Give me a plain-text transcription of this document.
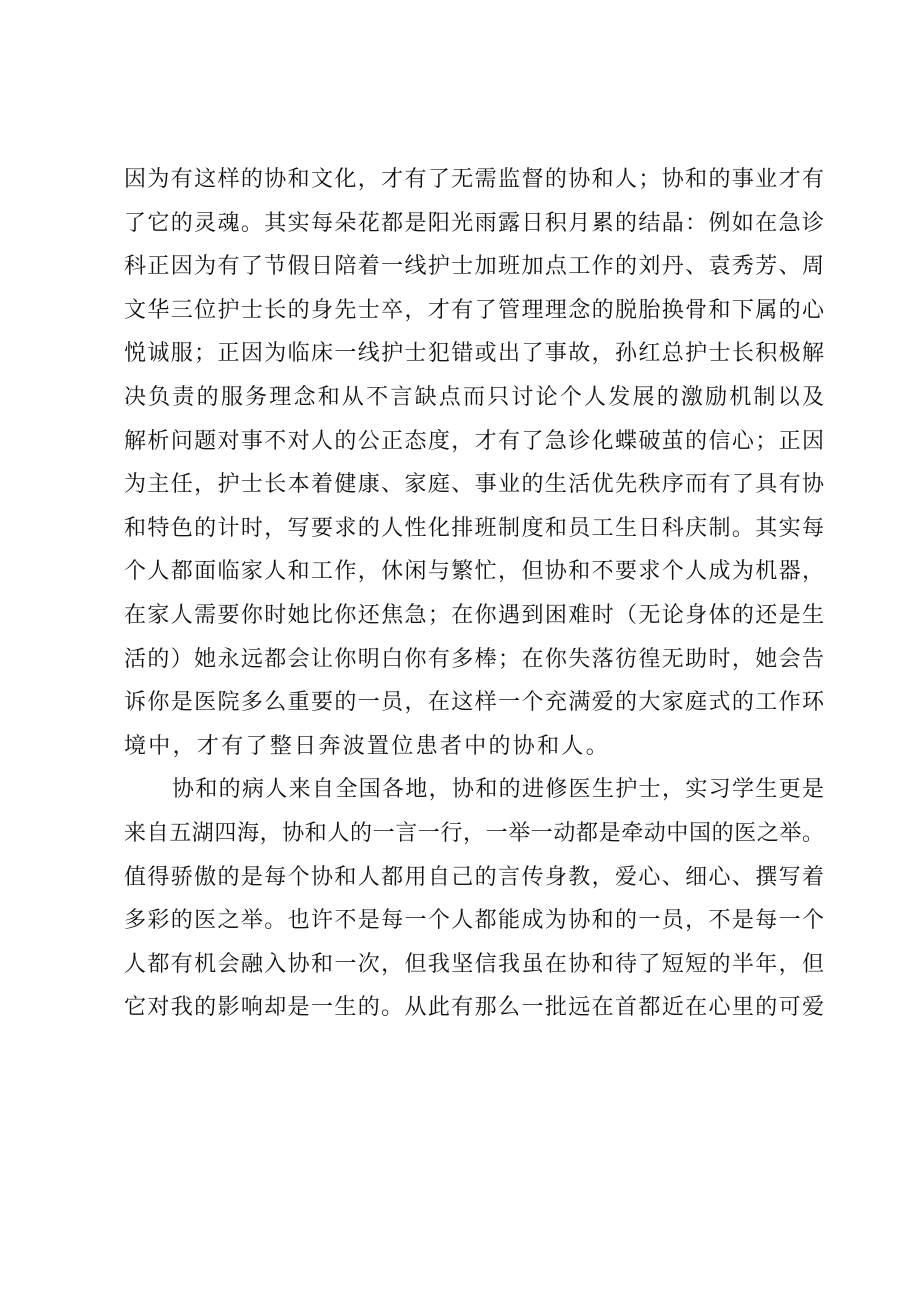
因为有这样的协和文化，才有了无需监督的协和人；协和的事业才有
了它的灵魂。其实每朵花都是阳光雨露日积月累的结晶：例如在急诊
科正因为有了节假日陪着一线护士加班加点工作的刘丹、袁秀芳、周
文华三位护士长的身先士卒，才有了管理理念的脱胎换骨和下属的心
悦诚服；正因为临床一线护士犯错或出了事故，孙红总护士长积极解
决负责的服务理念和从不言缺点而只讨论个人发展的激励机制以及
解析问题对事不对人的公正态度，才有了急诊化蝶破茧的信心；正因
为主任，护士长本着健康、家庭、事业的生活优先秩序而有了具有协
和特色的计时，写要求的人性化排班制度和员工生日科庆制。其实每
个人都面临家人和工作，休闲与繁忙，但协和不要求个人成为机器，
在家人需要你时她比你还焦急；在你遇到困难时（无论身体的还是生
活的）她永远都会让你明白你有多棒；在你失落彷徨无助时，她会告
诉你是医院多么重要的一员，在这样一个充满爱的大家庭式的工作环
境中，才有了整日奔波置位患者中的协和人。
协和的病人来自全国各地，协和的进修医生护士，实习学生更是
来自五湖四海，协和人的一言一行，一举一动都是牵动中国的医之举。
值得骄傲的是每个协和人都用自己的言传身教，爱心、细心、撰写着
多彩的医之举。也许不是每一个人都能成为协和的一员，不是每一个
人都有机会融入协和一次，但我坚信我虽在协和待了短短的半年，但
它对我的影响却是一生的。从此有那么一批远在首都近在心里的可爱
